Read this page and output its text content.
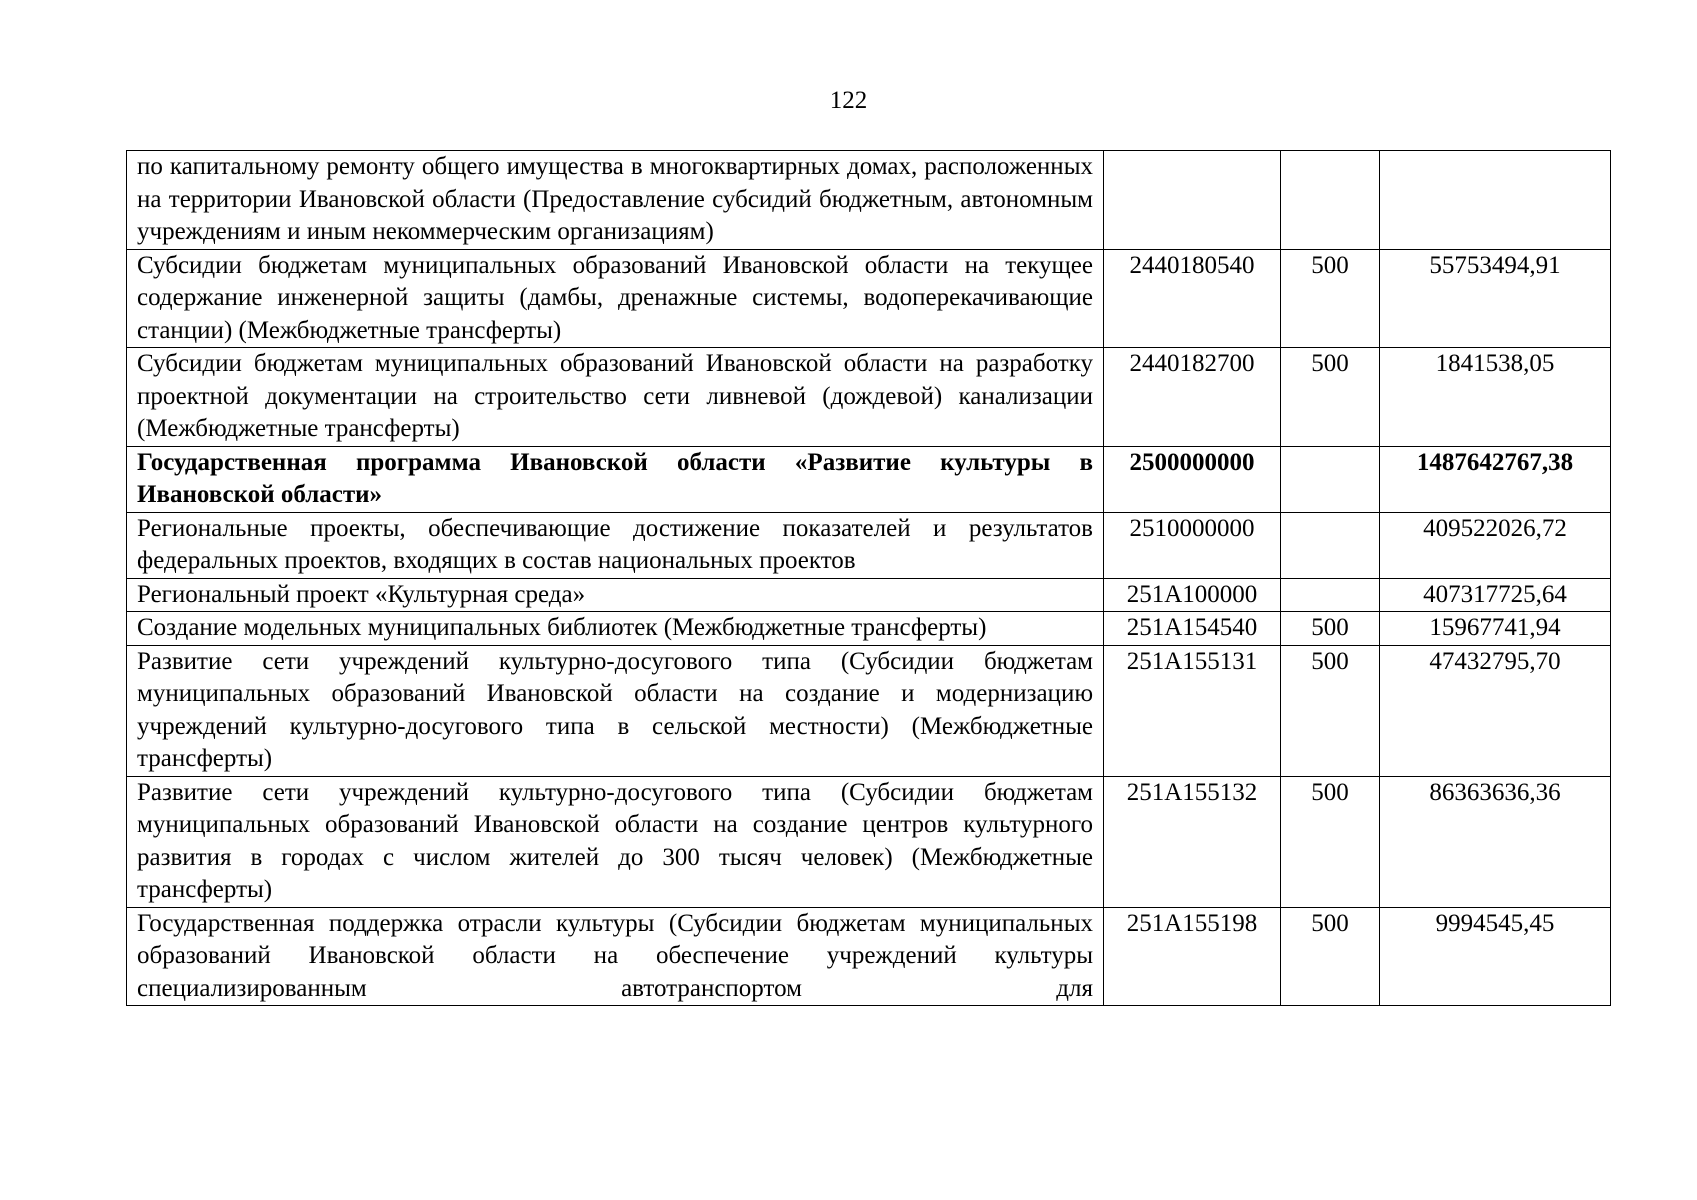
122
по капитальному ремонту общего имущества в многоквартирных домах, расположенных на территории Ивановской области (Предоставление субсидий бюджетным, автономным учреждениям и иным некоммерческим организациям)			
Субсидии бюджетам муниципальных образований Ивановской области на текущее содержание инженерной защиты (дамбы, дренажные системы, водоперекачивающие станции) (Межбюджетные трансферты)	2440180540	500	55753494,91
Субсидии бюджетам муниципальных образований Ивановской области на разработку проектной документации на строительство сети ливневой (дождевой) канализации (Межбюджетные трансферты)	2440182700	500	1841538,05
Государственная программа Ивановской области «Развитие культуры в Ивановской области»	2500000000		1487642767,38
Региональные проекты, обеспечивающие достижение показателей и результатов федеральных проектов, входящих в состав национальных проектов	2510000000		409522026,72
Региональный проект «Культурная среда»	251A100000		407317725,64
Создание модельных муниципальных библиотек (Межбюджетные трансферты)	251A154540	500	15967741,94
Развитие сети учреждений культурно-досугового типа (Субсидии бюджетам муниципальных образований Ивановской области на создание и модернизацию учреждений культурно-досугового типа в сельской местности) (Межбюджетные трансферты)	251A155131	500	47432795,70
Развитие сети учреждений культурно-досугового типа (Субсидии бюджетам муниципальных образований Ивановской области на создание центров культурного развития в городах с числом жителей до 300 тысяч человек) (Межбюджетные трансферты)	251A155132	500	86363636,36
Государственная поддержка отрасли культуры (Субсидии бюджетам муниципальных образований Ивановской области на обеспечение учреждений культуры специализированным автотранспортом для	251A155198	500	9994545,45
